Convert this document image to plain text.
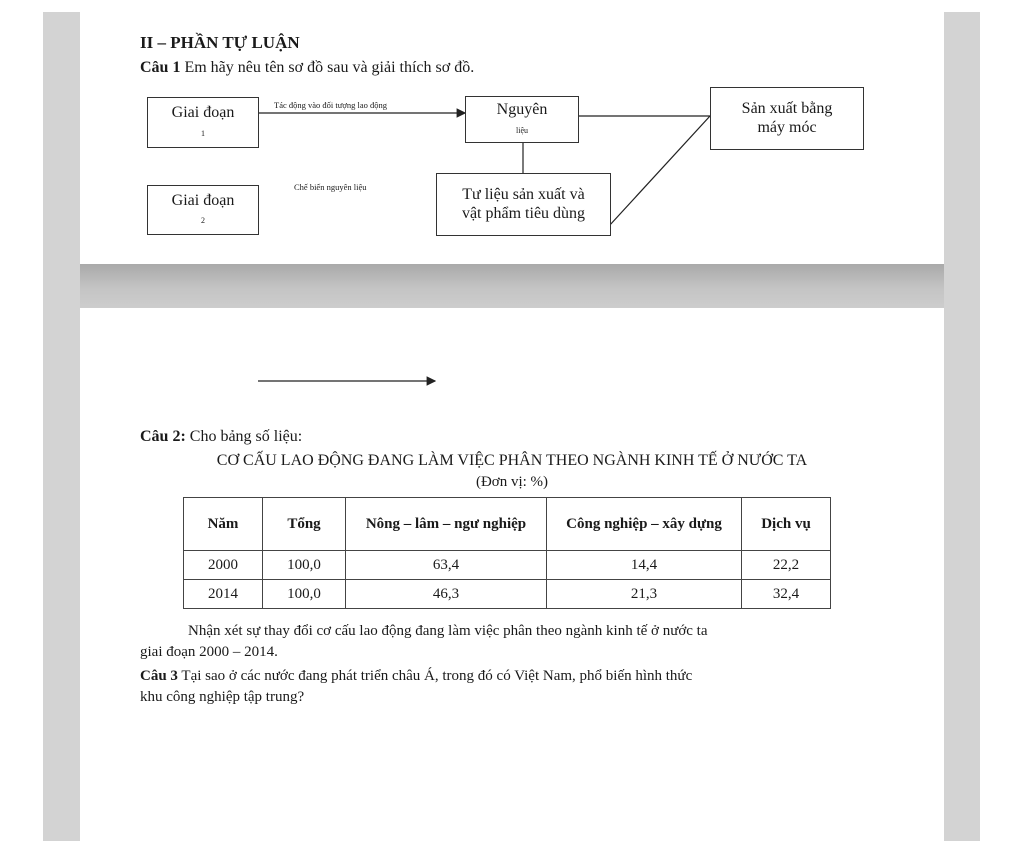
II – PHẦN TỰ LUẬN
Câu 1 Em hãy nêu tên sơ đồ sau và giải thích sơ đồ.
Giai đoạn
1
Giai đoạn
2
Nguyên
liệu
Sản xuất bằng
máy móc
Tư liệu sản xuất và
vật phẩm tiêu dùng
Tác động vào đối tượng lao động
Chế biến nguyên liệu
Câu 2: Cho bảng số liệu:
CƠ CẤU LAO ĐỘNG ĐANG LÀM VIỆC PHÂN THEO NGÀNH KINH TẾ Ở NƯỚC TA
(Đơn vị: %)
Năm	Tổng	Nông – lâm – ngư nghiệp	Công nghiệp – xây dựng	Dịch vụ
2000	100,0	63,4	14,4	22,2
2014	100,0	46,3	21,3	32,4
Nhận xét sự thay đổi cơ cấu lao động đang làm việc phân theo ngành kinh tế ở nước ta
giai đoạn 2000 – 2014.
Câu 3 Tại sao ở các nước đang phát triển châu Á, trong đó có Việt Nam, phổ biến hình thức
khu công nghiệp tập trung?
